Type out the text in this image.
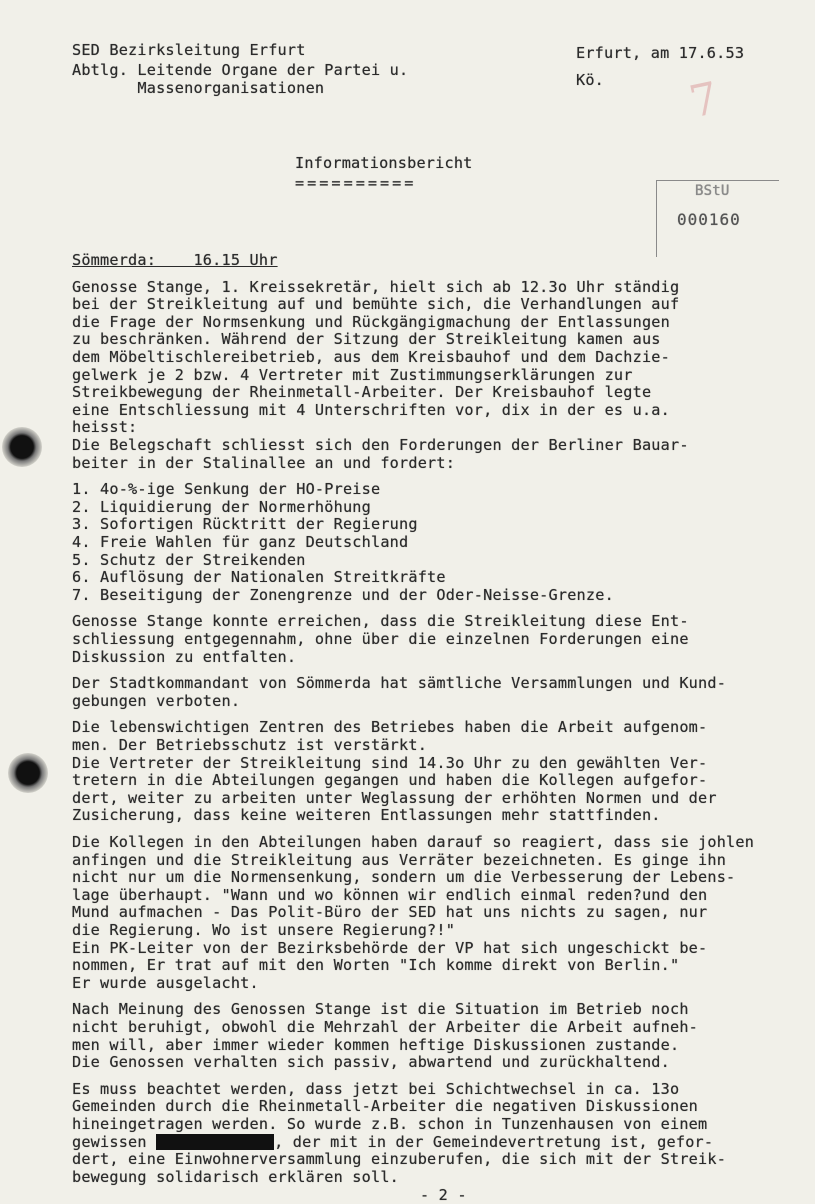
SED Bezirksleitung Erfurt
Abtlg. Leitende Organe der Partei u.
Massenorganisationen
Erfurt, am 17.6.53
Kö. 7
Informationsbericht
==========	BStU
000160
Sömmerda:    16.15 Uhr
Genosse Stange, 1. Kreissekretär, hielt sich ab 12.3o Uhr ständig
bei der Streikleitung auf und bemühte sich, die Verhandlungen auf
die Frage der Normsenkung und Rückgängigmachung der Entlassungen
zu beschränken. Während der Sitzung der Streikleitung kamen aus
dem Möbeltischlereibetrieb, aus dem Kreisbauhof und dem Dachzie-
gelwerk je 2 bzw. 4 Vertreter mit Zustimmungserklärungen zur
Streikbewegung der Rheinmetall-Arbeiter. Der Kreisbauhof legte
eine Entschliessung mit 4 Unterschriften vor, dix in der es u.a.
heisst:
Die Belegschaft schliesst sich den Forderungen der Berliner Bauar-
beiter in der Stalinallee an und fordert:
1. 4o-%-ige Senkung der HO-Preise
2. Liquidierung der Normerhöhung
3. Sofortigen Rücktritt der Regierung
4. Freie Wahlen für ganz Deutschland
5. Schutz der Streikenden
6. Auflösung der Nationalen Streitkräfte
7. Beseitigung der Zonengrenze und der Oder-Neisse-Grenze.
Genosse Stange konnte erreichen, dass die Streikleitung diese Ent-
schliessung entgegennahm, ohne über die einzelnen Forderungen eine
Diskussion zu entfalten.
Der Stadtkommandant von Sömmerda hat sämtliche Versammlungen und Kund-
gebungen verboten.
Die lebenswichtigen Zentren des Betriebes haben die Arbeit aufgenom-
men. Der Betriebsschutz ist verstärkt.
Die Vertreter der Streikleitung sind 14.3o Uhr zu den gewählten Ver-
tretern in die Abteilungen gegangen und haben die Kollegen aufgefor-
dert, weiter zu arbeiten unter Weglassung der erhöhten Normen und der
Zusicherung, dass keine weiteren Entlassungen mehr stattfinden.
Die Kollegen in den Abteilungen haben darauf so reagiert, dass sie johlen
anfingen und die Streikleitung aus Verräter bezeichneten. Es ginge ihn
nicht nur um die Normensenkung, sondern um die Verbesserung der Lebens-
lage überhaupt. "Wann und wo können wir endlich einmal reden?und den
Mund aufmachen - Das Polit-Büro der SED hat uns nichts zu sagen, nur
die Regierung. Wo ist unsere Regierung?!"
Ein PK-Leiter von der Bezirksbehörde der VP hat sich ungeschickt be-
nommen, Er trat auf mit den Worten "Ich komme direkt von Berlin."
Er wurde ausgelacht.
Nach Meinung des Genossen Stange ist die Situation im Betrieb noch
nicht beruhigt, obwohl die Mehrzahl der Arbeiter die Arbeit aufneh-
men will, aber immer wieder kommen heftige Diskussionen zustande.
Die Genossen verhalten sich passiv, abwartend und zurückhaltend.
Es muss beachtet werden, dass jetzt bei Schichtwechsel in ca. 13o
Gemeinden durch die Rheinmetall-Arbeiter die negativen Diskussionen
hineingetragen werden. So wurde z.B. schon in Tunzenhausen von einem
gewissen	, der mit in der Gemeindevertretung ist, gefor-
dert, eine Einwohnerversammlung einzuberufen, die sich mit der Streik-
bewegung solidarisch erklären soll.
- 2 -
